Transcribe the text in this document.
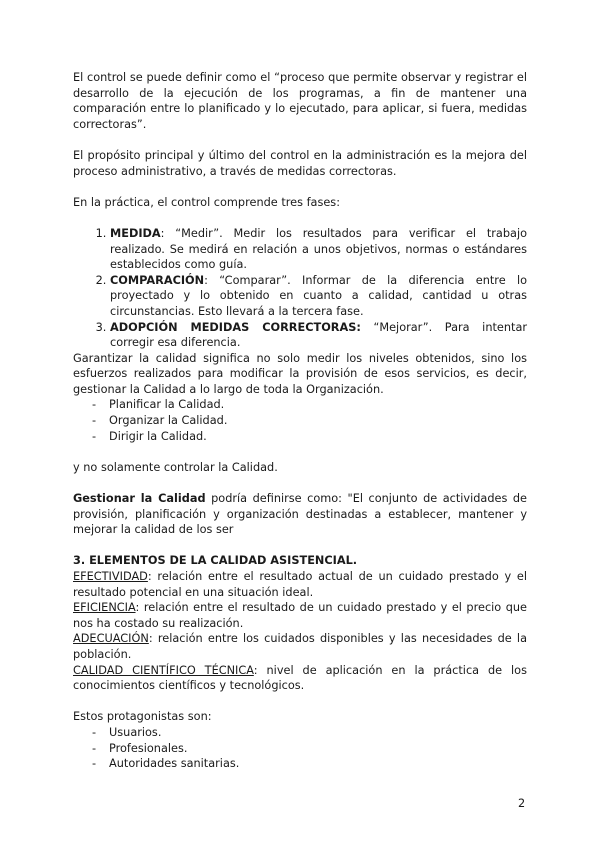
El control se puede definir como el “proceso que permite observar y registrar el desarrollo de la ejecución de los programas, a fin de mantener una comparación entre lo planificado y lo ejecutado, para aplicar, si fuera, medidas correctoras”.

El propósito principal y último del control en la administración es la mejora del proceso administrativo, a través de medidas correctoras.

En la práctica, el control comprende tres fases:

1. MEDIDA: “Medir”. Medir los resultados para verificar el trabajo realizado. Se medirá en relación a unos objetivos, normas o estándares establecidos como guía.
2. COMPARACIÓN: “Comparar”. Informar de la diferencia entre lo proyectado y lo obtenido en cuanto a calidad, cantidad u otras circunstancias. Esto llevará a la tercera fase.
3. ADOPCIÓN MEDIDAS CORRECTORAS: “Mejorar”. Para intentar corregir esa diferencia.

Garantizar la calidad significa no solo medir los niveles obtenidos, sino los esfuerzos realizados para modificar la provisión de esos servicios, es decir, gestionar la Calidad a lo largo de toda la Organización.

- Planificar la Calidad.
- Organizar la Calidad.
- Dirigir la Calidad.

y no solamente controlar la Calidad.

Gestionar la Calidad podría definirse como: "El conjunto de actividades de provisión, planificación y organización destinadas a establecer, mantener y mejorar la calidad de los ser

3. ELEMENTOS DE LA CALIDAD ASISTENCIAL.

EFECTIVIDAD: relación entre el resultado actual de un cuidado prestado y el resultado potencial en una situación ideal.

EFICIENCIA: relación entre el resultado de un cuidado prestado y el precio que nos ha costado su realización.

ADECUACIÓN: relación entre los cuidados disponibles y las necesidades de la población.

CALIDAD CIENTÍFICO TÉCNICA: nivel de aplicación en la práctica de los conocimientos científicos y tecnológicos.

Estos protagonistas son:

- Usuarios.
- Profesionales.
- Autoridades sanitarias.
2
